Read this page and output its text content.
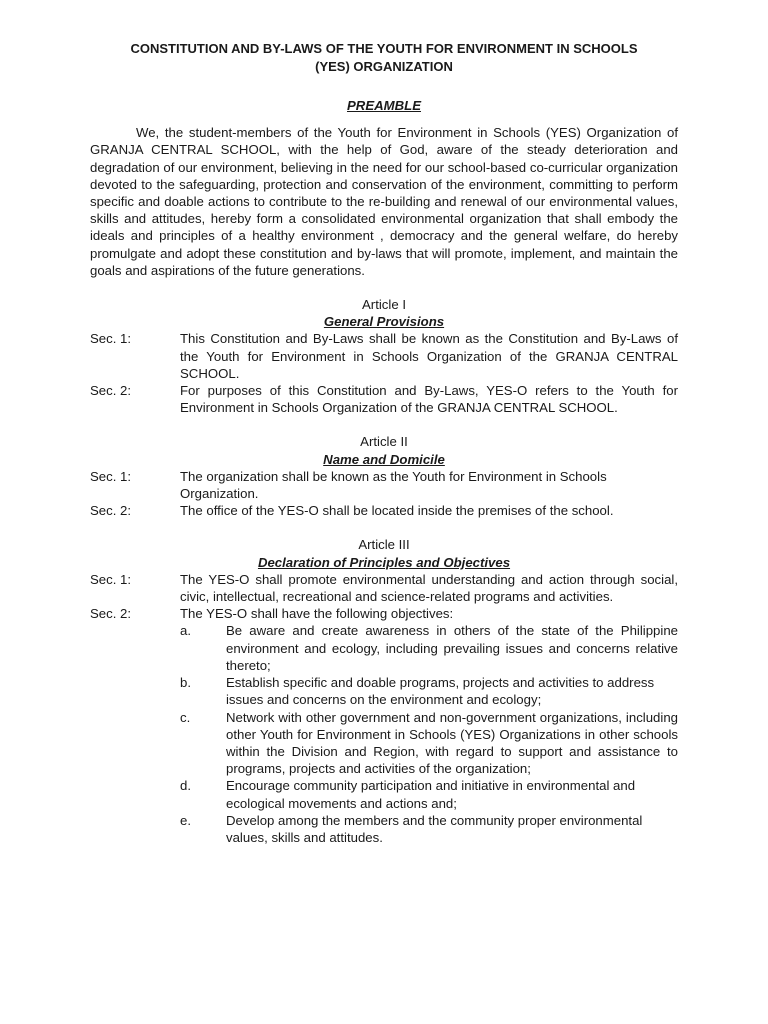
CONSTITUTION AND BY-LAWS OF THE YOUTH FOR ENVIRONMENT IN SCHOOLS
(YES) ORGANIZATION
PREAMBLE
We, the student-members of the Youth for Environment in Schools (YES) Organization of GRANJA CENTRAL SCHOOL, with the help of God, aware of the steady deterioration and degradation of our environment, believing in the need for our school-based co-curricular organization devoted to the safeguarding, protection and conservation of the environment, committing to perform specific and doable actions to contribute to the re-building and renewal of our environmental values, skills and attitudes, hereby form a consolidated environmental organization that shall embody the ideals and principles of a healthy environment , democracy and the general welfare, do hereby promulgate and adopt these constitution and by-laws that will promote, implement, and maintain the goals and aspirations of the future generations.
Article I
General Provisions
Sec. 1:	This Constitution and By-Laws shall be known as the Constitution and By-Laws of the Youth for Environment in Schools Organization of the GRANJA CENTRAL SCHOOL.
Sec. 2:	For purposes of this Constitution and By-Laws, YES-O refers to the Youth for Environment in Schools Organization of the GRANJA CENTRAL SCHOOL.
Article II
Name and Domicile
Sec. 1:	The organization shall be known as the Youth for Environment in Schools Organization.
Sec. 2:	The office of the YES-O shall be located inside the premises of the school.
Article III
Declaration of Principles and Objectives
Sec. 1:	The YES-O shall promote environmental understanding and action through social, civic, intellectual, recreational and science-related programs and activities.
Sec. 2:	The YES-O shall have the following objectives:
a.	Be aware and create awareness in others of the state of the Philippine environment and ecology, including prevailing issues and concerns relative thereto;
b.	Establish specific and doable programs, projects and activities to address issues and concerns on the environment and ecology;
c.	Network with other government and non-government organizations, including other Youth for Environment in Schools (YES) Organizations in other schools within the Division and Region, with regard to support and assistance to programs, projects and activities of the organization;
d.	Encourage community participation and initiative in environmental and ecological movements and actions and;
e.	Develop among the members and the community proper environmental values, skills and attitudes.
